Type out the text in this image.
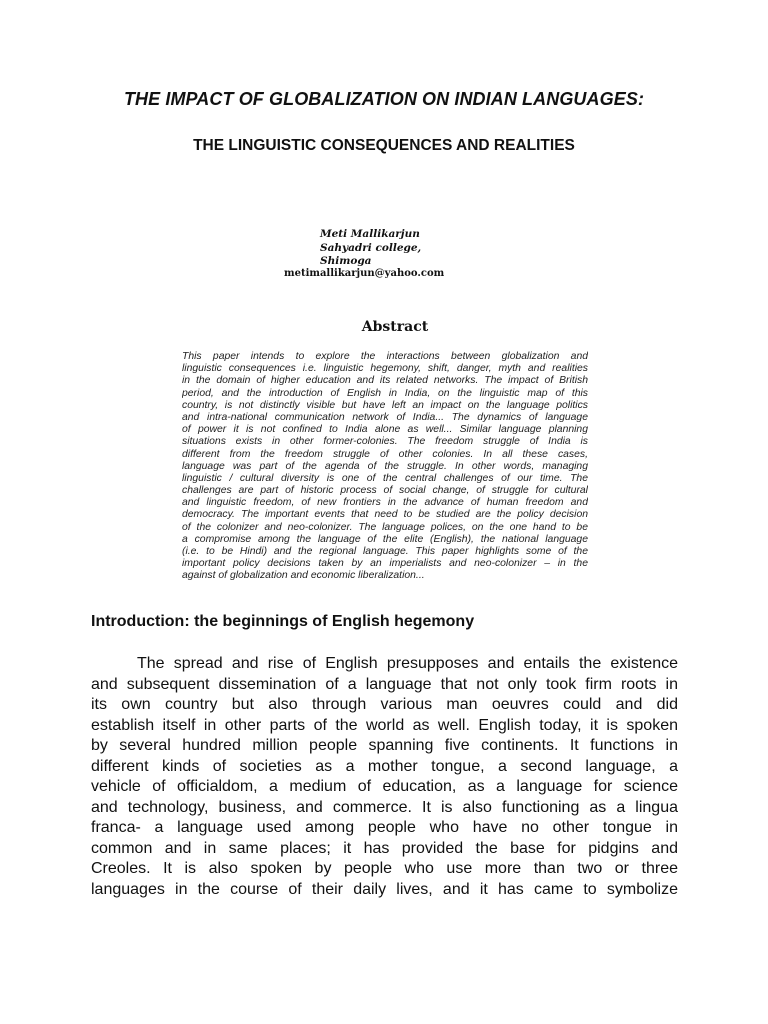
THE IMPACT OF GLOBALIZATION ON INDIAN LANGUAGES:
THE LINGUISTIC CONSEQUENCES AND REALITIES
Meti Mallikarjun
Sahyadri college,
Shimoga
metimallikarjun@yahoo.com
Abstract
This paper intends to explore the interactions between globalization and
linguistic consequences i.e. linguistic hegemony, shift, danger, myth and realities
in the domain of higher education and its related networks. The impact of British
period, and the introduction of English in India, on the linguistic map of this
country, is not distinctly visible but have left an impact on the language politics
and intra-national communication network of India... The dynamics of language
of power it is not confined to India alone as well... Similar language planning
situations exists in other former-colonies. The freedom struggle of India is
different from the freedom struggle of other colonies. In all these cases,
language was part of the agenda of the struggle. In other words, managing
linguistic / cultural diversity is one of the central challenges of our time. The
challenges are part of historic process of social change, of struggle for cultural
and linguistic freedom, of new frontiers in the advance of human freedom and
democracy. The important events that need to be studied are the policy decision
of the colonizer and neo-colonizer. The language polices, on the one hand to be
a compromise among the language of the elite (English), the national language
(i.e. to be Hindi) and the regional language. This paper highlights some of the
important policy decisions taken by an imperialists and neo-colonizer – in the
against of globalization and economic liberalization...
Introduction: the beginnings of English hegemony
The spread and rise of English presupposes and entails the existence
and subsequent dissemination of a language that not only took firm roots in
its own country but also through various man oeuvres could and did
establish itself in other parts of the world as well. English today, it is spoken
by several hundred million people spanning five continents. It functions in
different kinds of societies as a mother tongue, a second language, a
vehicle of officialdom, a medium of education, as a language for science
and technology, business, and commerce. It is also functioning as a lingua
franca- a language used among people who have no other tongue in
common and in same places; it has provided the base for pidgins and
Creoles. It is also spoken by people who use more than two or three
languages in the course of their daily lives, and it has came to symbolize
